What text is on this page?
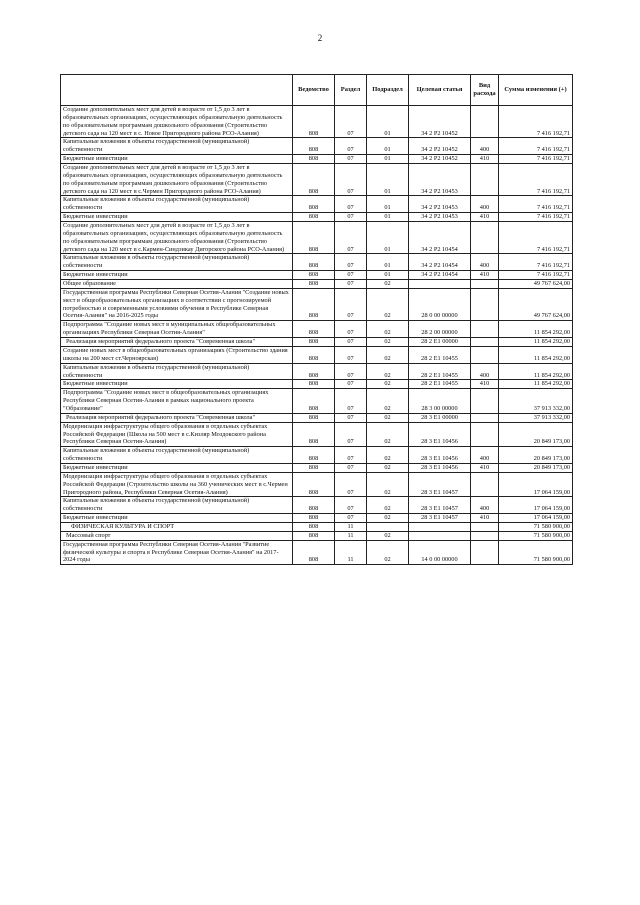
2
	Ведомство	Раздел	Подраздел	Целевая статья	Вид расхода	Сумма изменения (+)
Создание дополнительных мест для детей в возрасте от 1,5 до 3 лет в образовательных организациях, осуществляющих образовательную деятельность по образовательным программам дошкольного образования (Строительство детского сада на 120 мест в с. Новое Пригородного района РСО-Алания)	808	07	01	34 2 P2 10452		7 416 192,71
Капитальные вложения в объекты государственной (муниципальной) собственности	808	07	01	34 2 P2 10452	400	7 416 192,71
Бюджетные инвестиции	808	07	01	34 2 P2 10452	410	7 416 192,71
Создание дополнительных мест для детей в возрасте от 1,5 до 3 лет в образовательных организациях, осуществляющих образовательную деятельность по образовательным программам дошкольного образования (Строительство детского сада на 120 мест в с.Чермен Пригородного района РСО-Алания)	808	07	01	34 2 P2 10453		7 416 192,71
Капитальные вложения в объекты государственной (муниципальной) собственности	808	07	01	34 2 P2 10453	400	7 416 192,71
Бюджетные инвестиции	808	07	01	34 2 P2 10453	410	7 416 192,71
Создание дополнительных мест для детей в возрасте от 1,5 до 3 лет в образовательных организациях, осуществляющих образовательную деятельность по образовательным программам дошкольного образования (Строительство детского сада на 120 мест в с.Кармен-Синдзикау Дигорского района РСО-Алания)	808	07	01	34 2 P2 10454		7 416 192,71
Капитальные вложения в объекты государственной (муниципальной) собственности	808	07	01	34 2 P2 10454	400	7 416 192,71
Бюджетные инвестиции	808	07	01	34 2 P2 10454	410	7 416 192,71
Общее образование	808	07	02			49 767 624,00
Государственная программа Республики Северная Осетия-Алания "Создание новых мест в общеобразовательных организациях в соответствии с прогнозируемой потребностью и современными условиями обучения в Республике Северная Осетия-Алания" на 2016-2025 годы	808	07	02	28 0 00 00000		49 767 624,00
Подпрограмма "Создание новых мест в муниципальных общеобразовательных организациях Республики Северная Осетия-Алания"	808	07	02	28 2 00 00000		11 854 292,00
Реализация мероприятий федерального проекта "Современная школа"	808	07	02	28 2 E1 00000		11 854 292,00
Создание новых мест в общеобразовательных организациях (Строительство здания школы на 200 мест ст.Черноярская)	808	07	02	28 2 E1 10455		11 854 292,00
Капитальные вложения в объекты государственной (муниципальной) собственности	808	07	02	28 2 E1 10455	400	11 854 292,00
Бюджетные инвестиции	808	07	02	28 2 E1 10455	410	11 854 292,00
Подпрограмма "Создание новых мест в общеобразовательных организациях Республики Северная Осетия-Алания в рамках национального проекта "Образование"	808	07	02	28 3 00 00000		37 913 332,00
Реализация мероприятий федерального проекта "Современная школа"	808	07	02	28 3 E1 00000		37 913 332,00
Модернизация инфраструктуры общего образования в отдельных субъектах Российской Федерации (Школа на 500 мест в с.Кизляр Моздокского района Республики Северная Осетия-Алания)	808	07	02	28 3 E1 10456		20 849 173,00
Капитальные вложения в объекты государственной (муниципальной) собственности	808	07	02	28 3 E1 10456	400	20 849 173,00
Бюджетные инвестиции	808	07	02	28 3 E1 10456	410	20 849 173,00
Модернизация инфраструктуры общего образования в отдельных субъектах Российской Федерации (Строительство школы на 360 ученических мест в с.Чермен Пригородного района, Республики Северная Осетия-Алания)	808	07	02	28 3 E1 10457		17 064 159,00
Капитальные вложения в объекты государственной (муниципальной) собственности	808	07	02	28 3 E1 10457	400	17 064 159,00
Бюджетные инвестиции	808	07	02	28 3 E1 10457	410	17 064 159,00
ФИЗИЧЕСКАЯ КУЛЬТУРА И СПОРТ	808	11				71 580 900,00
Массовый спорт	808	11	02			71 580 900,00
Государственная программа Республики Северная Осетия-Алания "Развитие физической культуры и спорта в Республике Северная Осетия-Алания" на 2017-2024 годы	808	11	02	14 0 00 00000		71 580 900,00
